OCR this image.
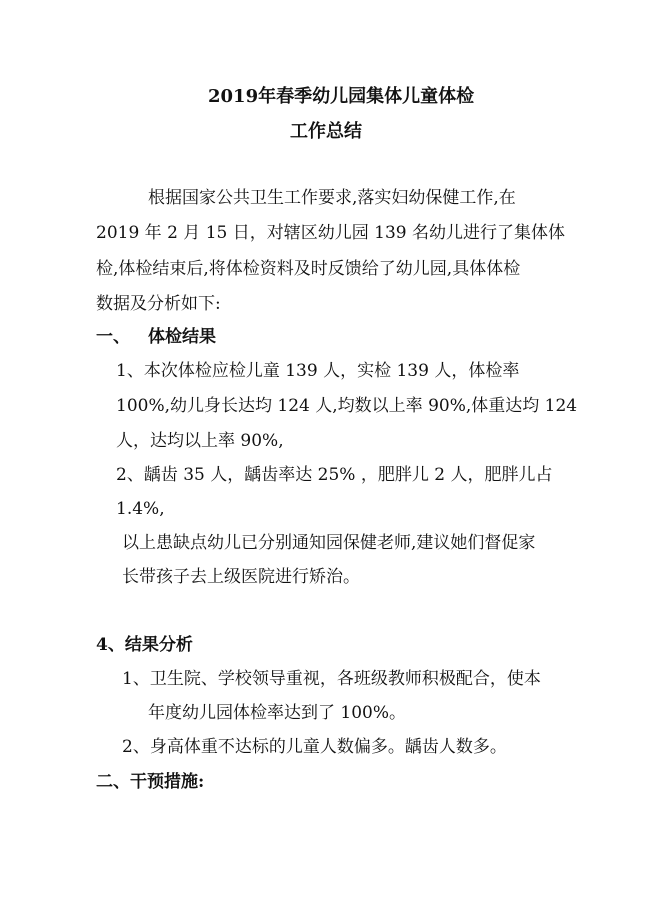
2019年春季幼儿园集体儿童体检
工作总结
根据国家公共卫生工作要求,落实妇幼保健工作,在
2019 年 2 月 15 日，对辖区幼儿园 139 名幼儿进行了集体体
检,体检结束后,将体检资料及时反馈给了幼儿园,具体体检
数据及分析如下:
一、 体检结果
1、本次体检应检儿童 139 人，实检 139 人，体检率
100%,幼儿身长达均 124 人,均数以上率 90%,体重达均 124
人，达均以上率 90%,
2、龋齿 35 人，龋齿率达 25% ，肥胖儿 2 人，肥胖儿占
1.4%,
以上患缺点幼儿已分别通知园保健老师,建议她们督促家
长带孩子去上级医院进行矫治。
4、结果分析
1、卫生院、学校领导重视，各班级教师积极配合，使本
年度幼儿园体检率达到了 100%。
2、身高体重不达标的儿童人数偏多。龋齿人数多。
二、干预措施:
